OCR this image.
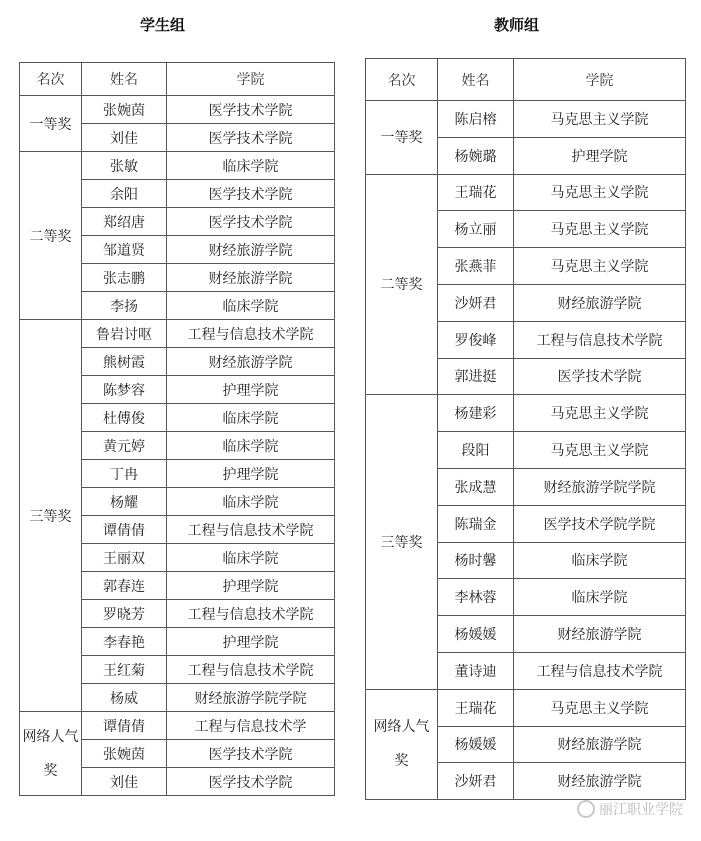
学生组	教师组
名次	姓名	学院
一等奖	张婉茵	医学技术学院
	刘佳	医学技术学院
二等奖	张敏	临床学院
	余阳	医学技术学院
	郑绍唐	医学技术学院
	邹道贤	财经旅游学院
	张志鹏	财经旅游学院
	李扬	临床学院
三等奖	鲁岩讨呕	工程与信息技术学院
	熊树霞	财经旅游学院
	陈梦容	护理学院
	杜傅俊	临床学院
	黄元婷	临床学院
	丁冉	护理学院
	杨耀	临床学院
	谭倩倩	工程与信息技术学院
	王丽双	临床学院
	郭春连	护理学院
	罗晓芳	工程与信息技术学院
	李春艳	护理学院
	王红菊	工程与信息技术学院
	杨威	财经旅游学院学院
网络人气
奖	谭倩倩	工程与信息技术学
	张婉茵	医学技术学院
	刘佳	医学技术学院
名次	姓名	学院
一等奖	陈启榕	马克思主义学院
	杨婉璐	护理学院
二等奖	王瑞花	马克思主义学院
	杨立丽	马克思主义学院
	张燕菲	马克思主义学院
	沙妍君	财经旅游学院
	罗俊峰	工程与信息技术学院
	郭进挺	医学技术学院
三等奖	杨建彩	马克思主义学院
	段阳	马克思主义学院
	张成慧	财经旅游学院学院
	陈瑞金	医学技术学院学院
	杨时馨	临床学院
	李林蓉	临床学院
	杨媛媛	财经旅游学院
	董诗迪	工程与信息技术学院
网络人气
奖	王瑞花	马克思主义学院
	杨媛媛	财经旅游学院
	沙妍君	财经旅游学院
丽江职业学院
